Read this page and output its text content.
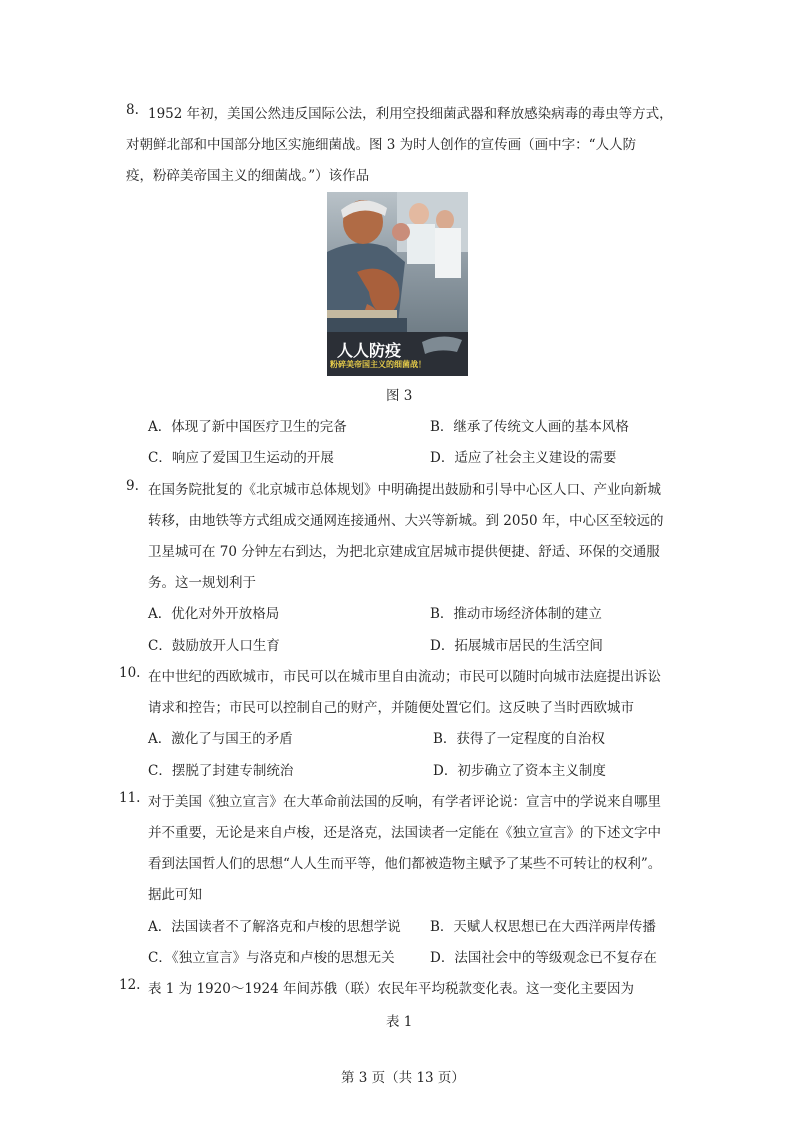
8. 1952 年初，美国公然违反国际公法，利用空投细菌武器和释放感染病毒的毒虫等方式，
对朝鲜北部和中国部分地区实施细菌战。图 3 为时人创作的宣传画（画中字：“人人防
疫，粉碎美帝国主义的细菌战。”）该作品
人人防疫
粉碎美帝国主义的细菌战！
图 3
A．体现了新中国医疗卫生的完备	B．继承了传统文人画的基本风格
C．响应了爱国卫生运动的开展	D．适应了社会主义建设的需要
9. 在国务院批复的《北京城市总体规划》中明确提出鼓励和引导中心区人口、产业向新城
转移，由地铁等方式组成交通网连接通州、大兴等新城。到 2050 年，中心区至较远的
卫星城可在 70 分钟左右到达，为把北京建成宜居城市提供便捷、舒适、环保的交通服
务。这一规划利于
A．优化对外开放格局	B．推动市场经济体制的建立
C．鼓励放开人口生育	D．拓展城市居民的生活空间
10. 在中世纪的西欧城市，市民可以在城市里自由流动；市民可以随时向城市法庭提出诉讼
请求和控告；市民可以控制自己的财产，并随便处置它们。这反映了当时西欧城市
A．激化了与国王的矛盾	B．获得了一定程度的自治权
C．摆脱了封建专制统治	D．初步确立了资本主义制度
11. 对于美国《独立宣言》在大革命前法国的反响，有学者评论说：宣言中的学说来自哪里
并不重要，无论是来自卢梭，还是洛克，法国读者一定能在《独立宣言》的下述文字中
看到法国哲人们的思想“人人生而平等，他们都被造物主赋予了某些不可转让的权利”。
据此可知
A．法国读者不了解洛克和卢梭的思想学说 B．天赋人权思想已在大西洋两岸传播
C．《独立宣言》与洛克和卢梭的思想无关	D．法国社会中的等级观念已不复存在
12. 表 1 为 1920～1924 年间苏俄（联）农民年平均税款变化表。这一变化主要因为
表 1
第 3 页（共 13 页）
